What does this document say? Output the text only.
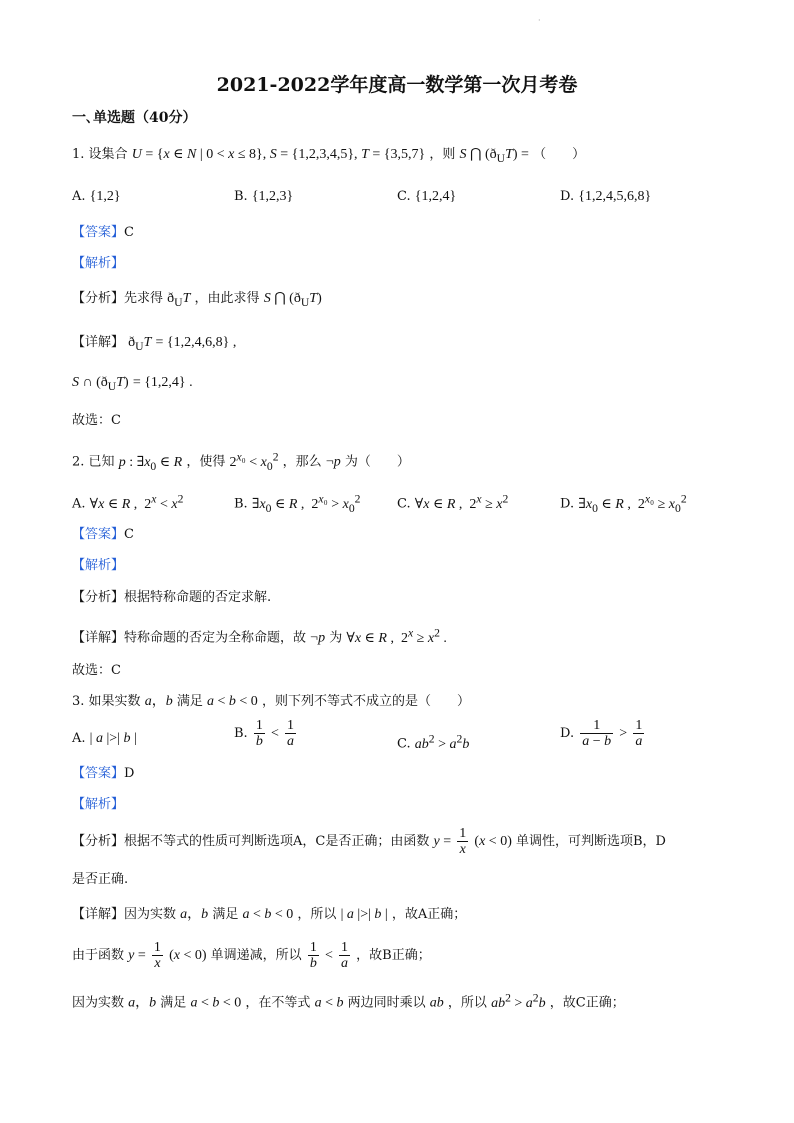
·
2021-2022学年度高一数学第一次月考卷
一､单选题（40分）
1. 设集合 U = {x ∈ N | 0 < x ≤ 8}, S = {1,2,3,4,5}, T = {3,5,7} ，则 S ⋂ $(ð_UT)$ = （　　）
A. {1,2}	B. {1,2,3}	C. {1,2,4}	D. {1,2,4,5,6,8}
【答案】C
【解析】
【分析】先求得 $ð_UT$ ，由此求得 S ⋂ $(ð_UT)$
【详解】 $ð_UT = \{1,2,4,6,8\}$ ,
S ∩ $(ð_UT) = \{1,2,4\}$ .
故选：C
2. 已知 p : $\exists x_0$ ∈ R ，使得 $2^{x_0} < x_0^2$ ，那么 ¬p 为（　　）
A. ∀x ∈ R ,  $2^x < x^2$	B. $\exists x_0$ ∈ R ,  $2^{x_0} > x_0^2$	C. ∀x ∈ R ,  $2^x \ge x^2$	D. $\exists x_0$ ∈ R ,  $2^{x_0} \ge x_0^2$
【答案】C
【解析】
【分析】根据特称命题的否定求解.
【详解】特称命题的否定为全称命题，故 ¬p 为 ∀x ∈ R ,  $2^x \ge x^2$ .
故选：C
3. 如果实数 a，b 满足 a < b < 0 ，则下列不等式不成立的是（　　）
A. | a |>| b |	B. $\frac{1}{b} < \frac{1}{a}$	C. $ab^2 > a^2b$
D. $\frac{1}{a - b} > \frac{1}{a}$
【答案】D
【解析】
【分析】根据不等式的性质可判断选项A，C是否正确；由函数 $y = \frac{1}{x} (x < 0)$ 单调性，可判断选项B，D
是否正确.
【详解】因为实数 a，b 满足 a < b < 0 ，所以 | a |>| b | ，故A正确；
由于函数 $y = \frac{1}{x} (x < 0)$ 单调递减，所以 $\frac{1}{b} < \frac{1}{a}$ ，故B正确；
因为实数 a，b 满足 a < b < 0 ，在不等式 a < b 两边同时乘以 ab ，所以 $ab^2 > a^2b$ ，故C正确；
